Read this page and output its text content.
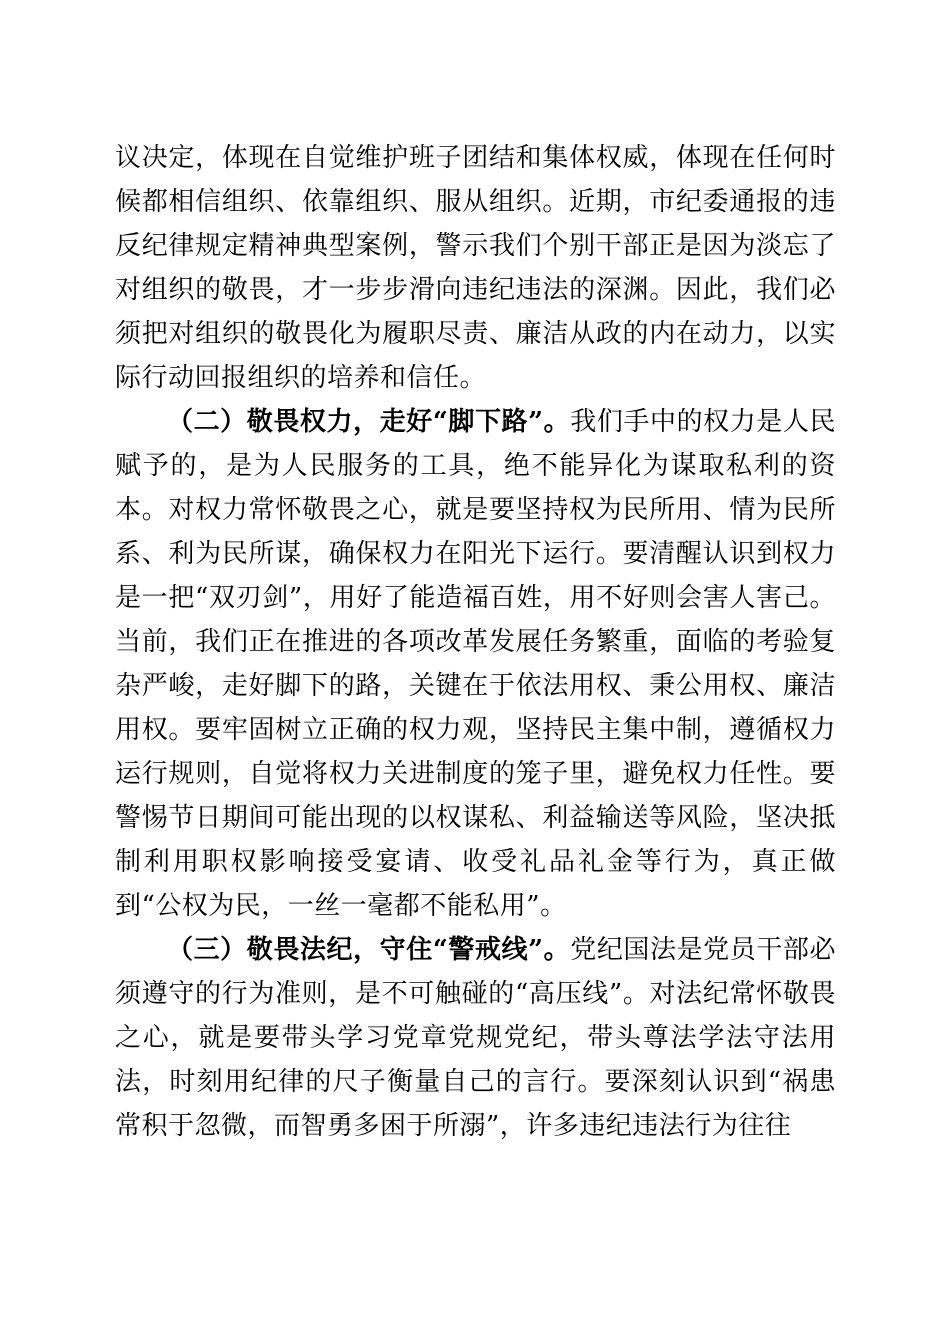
议决定，体现在自觉维护班子团结和集体权威，体现在任何时候都相信组织、依靠组织、服从组织。近期，市纪委通报的违反纪律规定精神典型案例，警示我们个别干部正是因为淡忘了对组织的敬畏，才一步步滑向违纪违法的深渊。因此，我们必须把对组织的敬畏化为履职尽责、廉洁从政的内在动力，以实际行动回报组织的培养和信任。

（二）敬畏权力，走好“脚下路”。我们手中的权力是人民赋予的，是为人民服务的工具，绝不能异化为谋取私利的资本。对权力常怀敬畏之心，就是要坚持权为民所用、情为民所系、利为民所谋，确保权力在阳光下运行。要清醒认识到权力是一把“双刃剑”，用好了能造福百姓，用不好则会害人害己。当前，我们正在推进的各项改革发展任务繁重，面临的考验复杂严峻，走好脚下的路，关键在于依法用权、秉公用权、廉洁用权。要牢固树立正确的权力观，坚持民主集中制，遵循权力运行规则，自觉将权力关进制度的笼子里，避免权力任性。要警惕节日期间可能出现的以权谋私、利益输送等风险，坚决抵制利用职权影响接受宴请、收受礼品礼金等行为，真正做到“公权为民，一丝一毫都不能私用”。

（三）敬畏法纪，守住“警戒线”。党纪国法是党员干部必须遵守的行为准则，是不可触碰的“高压线”。对法纪常怀敬畏之心，就是要带头学习党章党规党纪，带头尊法学法守法用法，时刻用纪律的尺子衡量自己的言行。要深刻认识到“祸患常积于忽微，而智勇多困于所溺”，许多违纪违法行为往往
